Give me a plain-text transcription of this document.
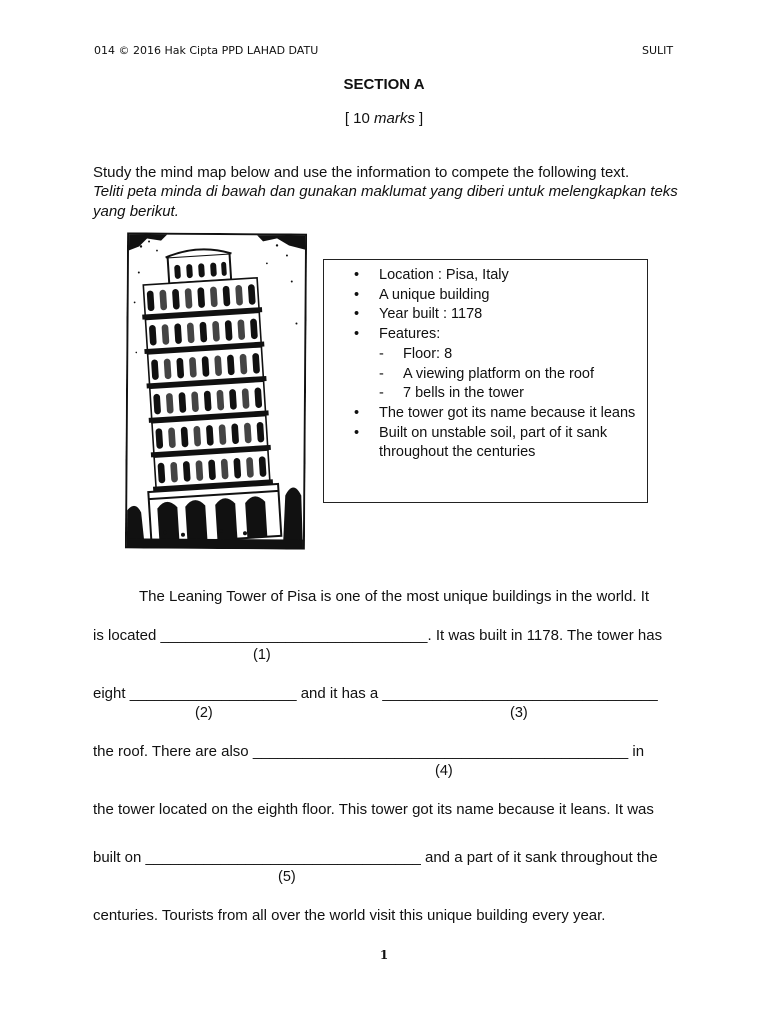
014 © 2016 Hak Cipta PPD LAHAD DATU	SULIT
SECTION A
[ 10 marks ]
Study the mind map below and use the information to compete the following text.
Teliti peta minda di bawah dan gunakan maklumat yang diberi untuk melengkapkan teks yang berikut.
• Location : Pisa, Italy
• A unique building
• Year built : 1178
• Features:
- Floor: 8
- A viewing platform on the roof
- 7 bells in the tower
• The tower got its name because it leans
• Built on unstable soil, part of it sank throughout the centuries
The Leaning Tower of Pisa is one of the most unique buildings in the world. It
is located ________________________________. It was built in 1178. The tower has
(1)
eight ____________________ and it has a _________________________________
(2)	(3)
the roof. There are also _____________________________________________ in
(4)
the tower located on the eighth floor. This tower got its name because it leans. It was
built on _________________________________ and a part of it sank throughout the
(5)
centuries. Tourists from all over the world visit this unique building every year.
1
